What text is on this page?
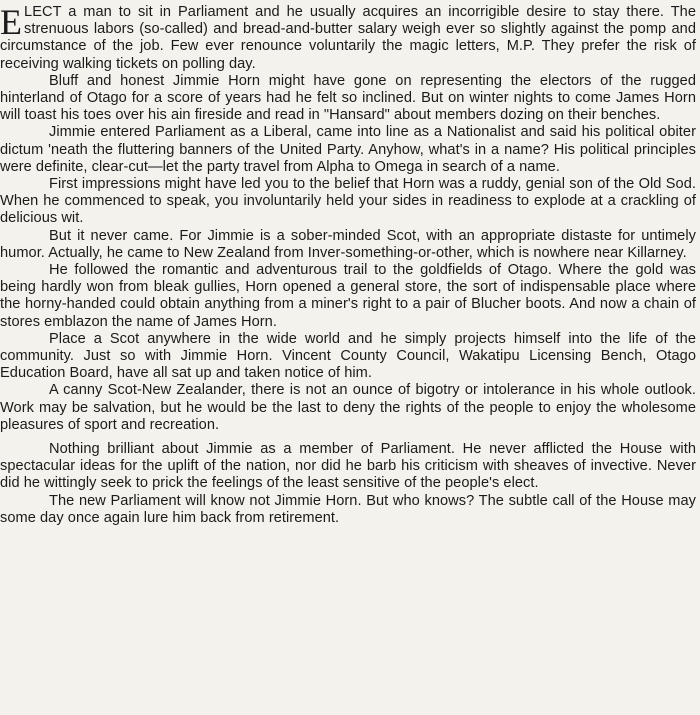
ELECT a man to sit in Parliament and he usually acquires an incorrigible desire to stay there. The strenuous labors (so-called) and bread-and-butter salary weigh ever so slightly against the pomp and circumstance of the job. Few ever renounce voluntarily the magic letters, M.P. They prefer the risk of receiving walking tickets on polling day.

Bluff and honest Jimmie Horn might have gone on representing the electors of the rugged hinterland of Otago for a score of years had he felt so inclined. But on winter nights to come James Horn will toast his toes over his ain fireside and read in "Hansard" about members dozing on their benches.

Jimmie entered Parliament as a Liberal, came into line as a Nationalist and said his political obiter dictum 'neath the fluttering banners of the United Party. Anyhow, what's in a name? His political principles were definite, clear-cut—let the party travel from Alpha to Omega in search of a name.

First impressions might have led you to the belief that Horn was a ruddy, genial son of the Old Sod. When he commenced to speak, you involuntarily held your sides in readiness to explode at a crackling of delicious wit.

But it never came. For Jimmie is a sober-minded Scot, with an appropriate distaste for untimely humor. Actually, he came to New Zealand from Inver-something-or-other, which is nowhere near Killarney.

He followed the romantic and adventurous trail to the goldfields of Otago. Where the gold was being hardly won from bleak gullies, Horn opened a general store, the sort of indispensable place where the horny-handed could obtain anything from a miner's right to a pair of Blucher boots. And now a chain of stores emblazon the name of James Horn.

Place a Scot anywhere in the wide world and he simply projects himself into the life of the community. Just so with Jimmie Horn. Vincent County Council, Wakatipu Licensing Bench, Otago Education Board, have all sat up and taken notice of him.

A canny Scot-New Zealander, there is not an ounce of bigotry or intolerance in his whole outlook. Work may be salvation, but he would be the last to deny the rights of the people to enjoy the wholesome pleasures of sport and recreation.

Nothing brilliant about Jimmie as a member of Parliament. He never afflicted the House with spectacular ideas for the uplift of the nation, nor did he barb his criticism with sheaves of invective. Never did he wittingly seek to prick the feelings of the least sensitive of the people's elect.

The new Parliament will know not Jimmie Horn. But who knows? The subtle call of the House may some day once again lure him back from retirement.
